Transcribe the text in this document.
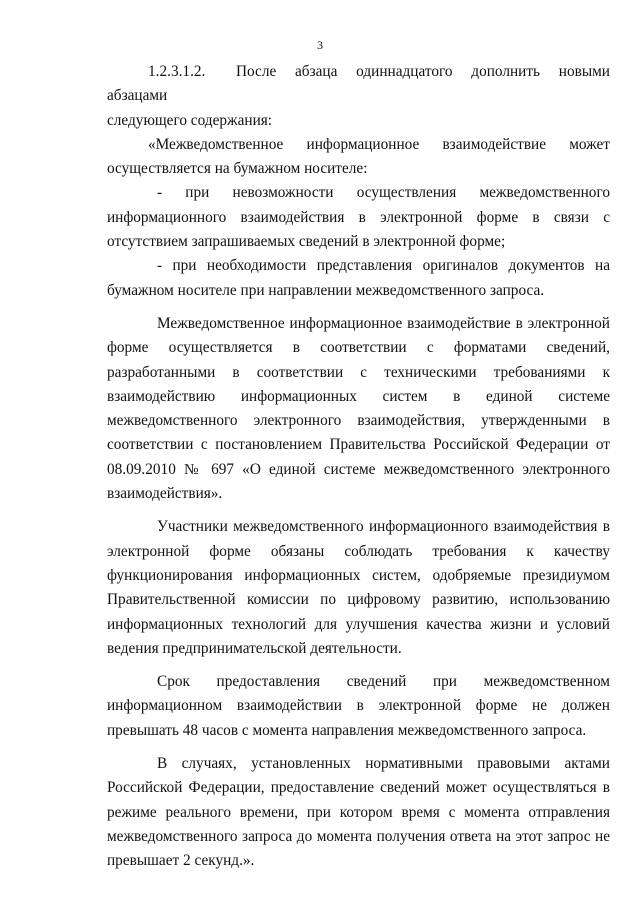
3
1.2.3.1.2.  После абзаца одиннадцатого дополнить новыми абзацами
следующего содержания:
«Межведомственное информационное взаимодействие может
осуществляется на бумажном носителе:
- при невозможности осуществления межведомственного
информационного взаимодействия в электронной форме в связи с
отсутствием запрашиваемых сведений в электронной форме;
- при необходимости представления оригиналов документов на
бумажном носителе при направлении межведомственного запроса.
Межведомственное информационное взаимодействие в электронной
форме осуществляется в соответствии с форматами сведений,
разработанными в соответствии с техническими требованиями к
взаимодействию информационных систем в единой системе
межведомственного электронного взаимодействия, утвержденными в
соответствии с постановлением Правительства Российской Федерации от
08.09.2010 № 697 «О единой системе межведомственного электронного
взаимодействия».
Участники межведомственного информационного взаимодействия в
электронной форме обязаны соблюдать требования к качеству
функционирования информационных систем, одобряемые президиумом
Правительственной комиссии по цифровому развитию, использованию
информационных технологий для улучшения качества жизни и условий
ведения предпринимательской деятельности.
Срок предоставления сведений при межведомственном
информационном взаимодействии в электронной форме не должен
превышать 48 часов с момента направления межведомственного запроса.
В случаях, установленных нормативными правовыми актами
Российской Федерации, предоставление сведений может осуществляться в
режиме реального времени, при котором время с момента отправления
межведомственного запроса до момента получения ответа на этот запрос не
превышает 2 секунд.».
